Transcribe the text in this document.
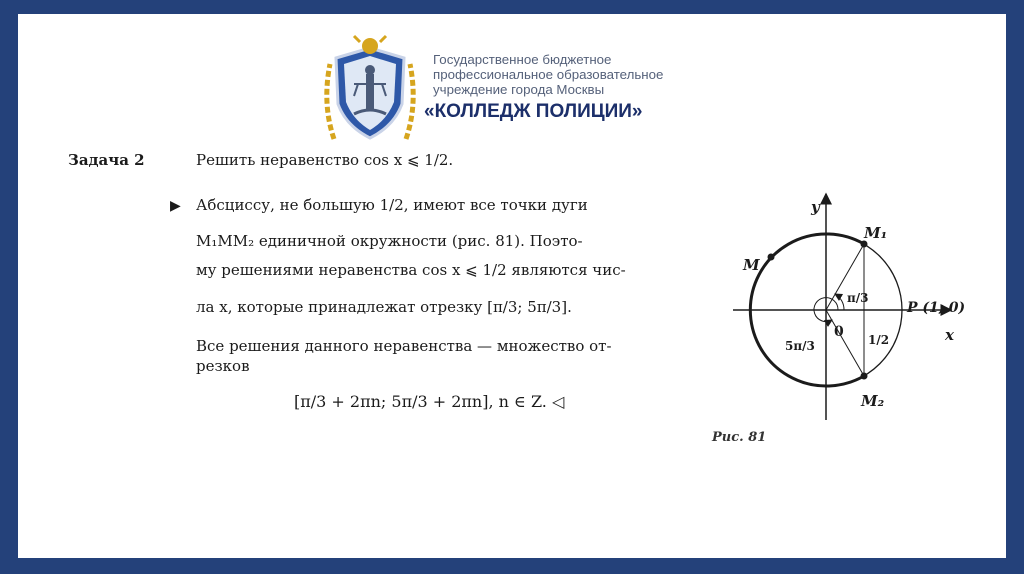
Государственное бюджетное
профессиональное образовательное
учреждение города Москвы
«КОЛЛЕДЖ ПОЛИЦИИ»
Задача 2	Решить неравенство cos x ⩽ 1/2.
▶ Абсциссу, не большую 1/2, имеют все точки дуги
M₁MM₂ единичной окружности (рис. 81). Поэто-
му решениями неравенства cos x ⩽ 1/2 являются чис-
ла x, которые принадлежат отрезку [π/3; 5π/3].
Все решения данного неравенства — множество от-
резков
[π/3 + 2πn; 5π/3 + 2πn], n ∈ Z. ◁
y
x
0
M
M₁
M₂
P (1; 0)
π/3
5π/3	1/2
Рис. 81
